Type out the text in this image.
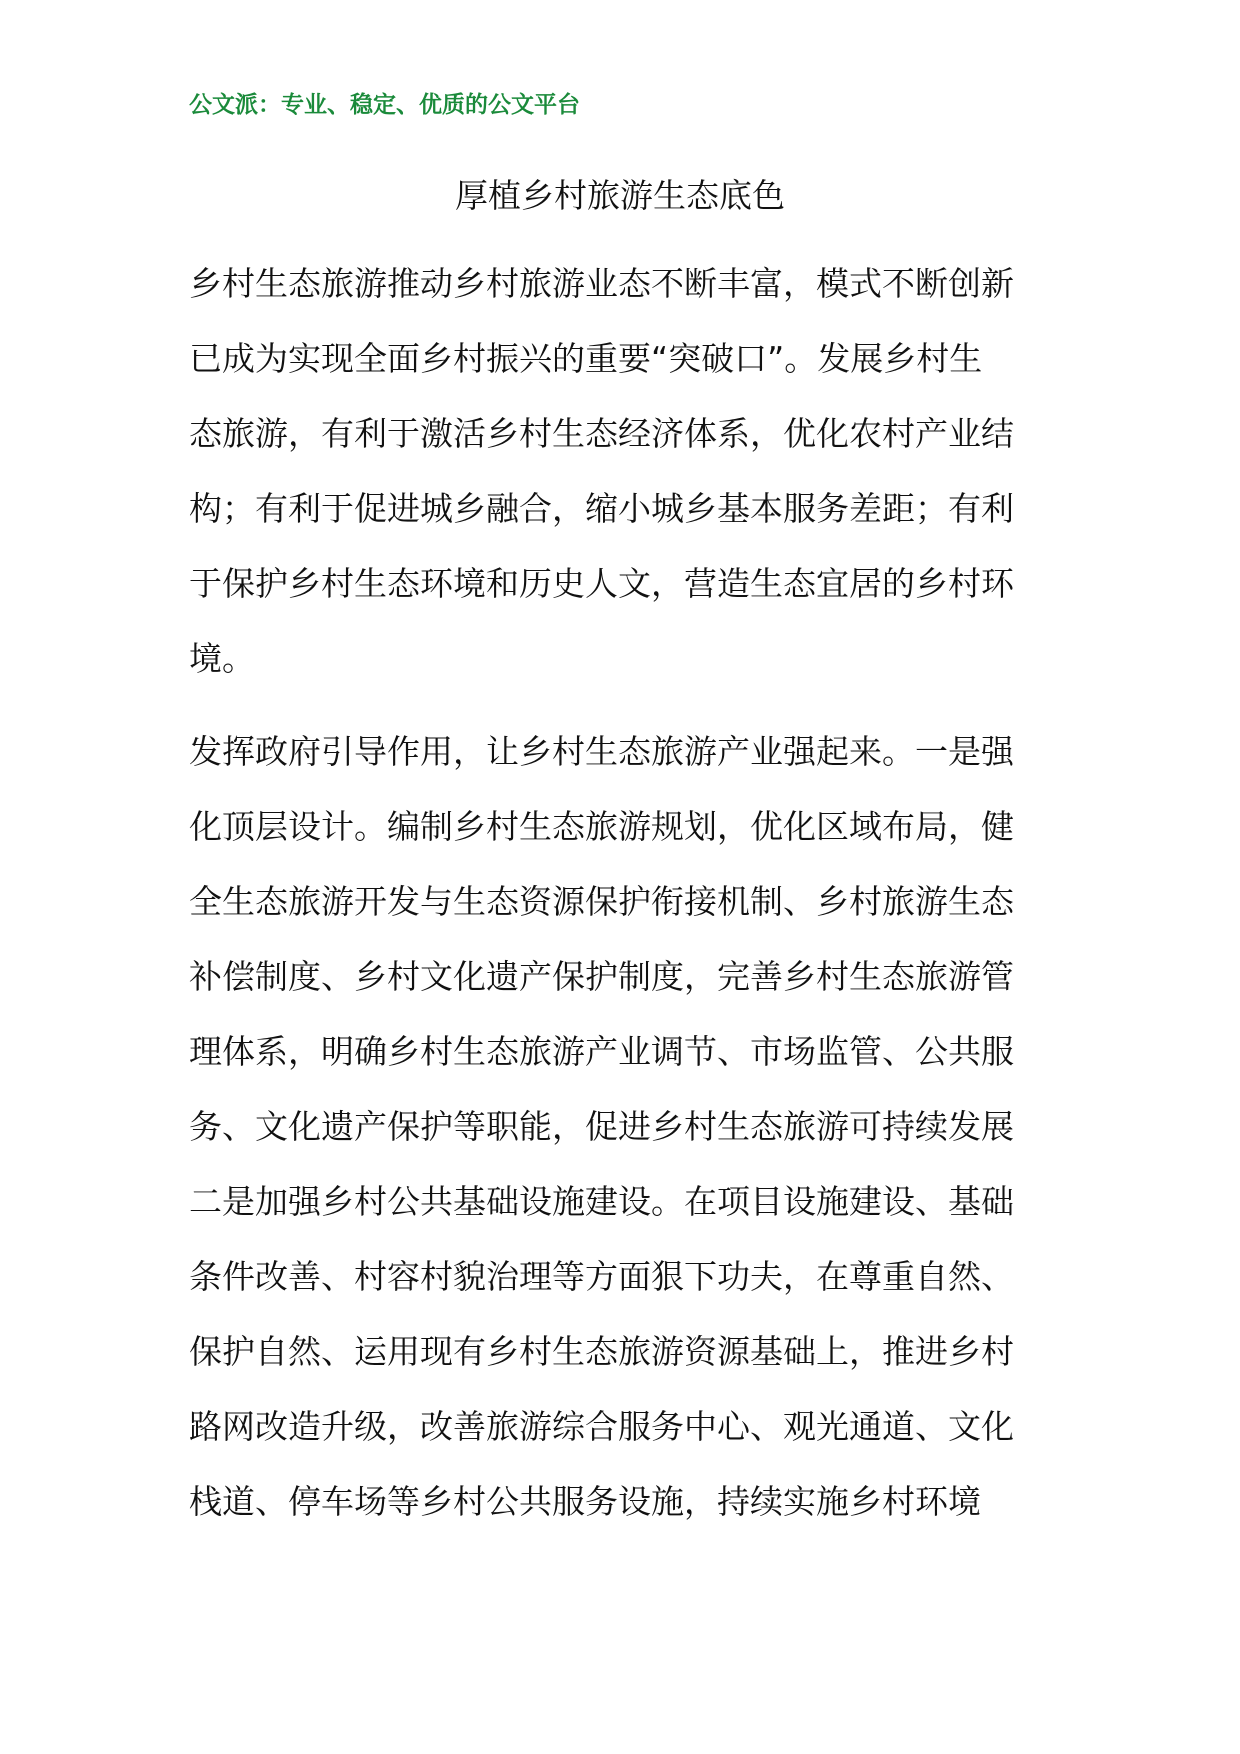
公文派：专业、稳定、优质的公文平台
厚植乡村旅游生态底色
乡村生态旅游推动乡村旅游业态不断丰富，模式不断创新
已成为实现全面乡村振兴的重要“突破口”。发展乡村生
态旅游，有利于激活乡村生态经济体系，优化农村产业结
构；有利于促进城乡融合，缩小城乡基本服务差距；有利
于保护乡村生态环境和历史人文，营造生态宜居的乡村环
境。
发挥政府引导作用，让乡村生态旅游产业强起来。一是强
化顶层设计。编制乡村生态旅游规划，优化区域布局，健
全生态旅游开发与生态资源保护衔接机制、乡村旅游生态
补偿制度、乡村文化遗产保护制度，完善乡村生态旅游管
理体系，明确乡村生态旅游产业调节、市场监管、公共服
务、文化遗产保护等职能，促进乡村生态旅游可持续发展
二是加强乡村公共基础设施建设。在项目设施建设、基础
条件改善、村容村貌治理等方面狠下功夫，在尊重自然、
保护自然、运用现有乡村生态旅游资源基础上，推进乡村
路网改造升级，改善旅游综合服务中心、观光通道、文化
栈道、停车场等乡村公共服务设施，持续实施乡村环境
